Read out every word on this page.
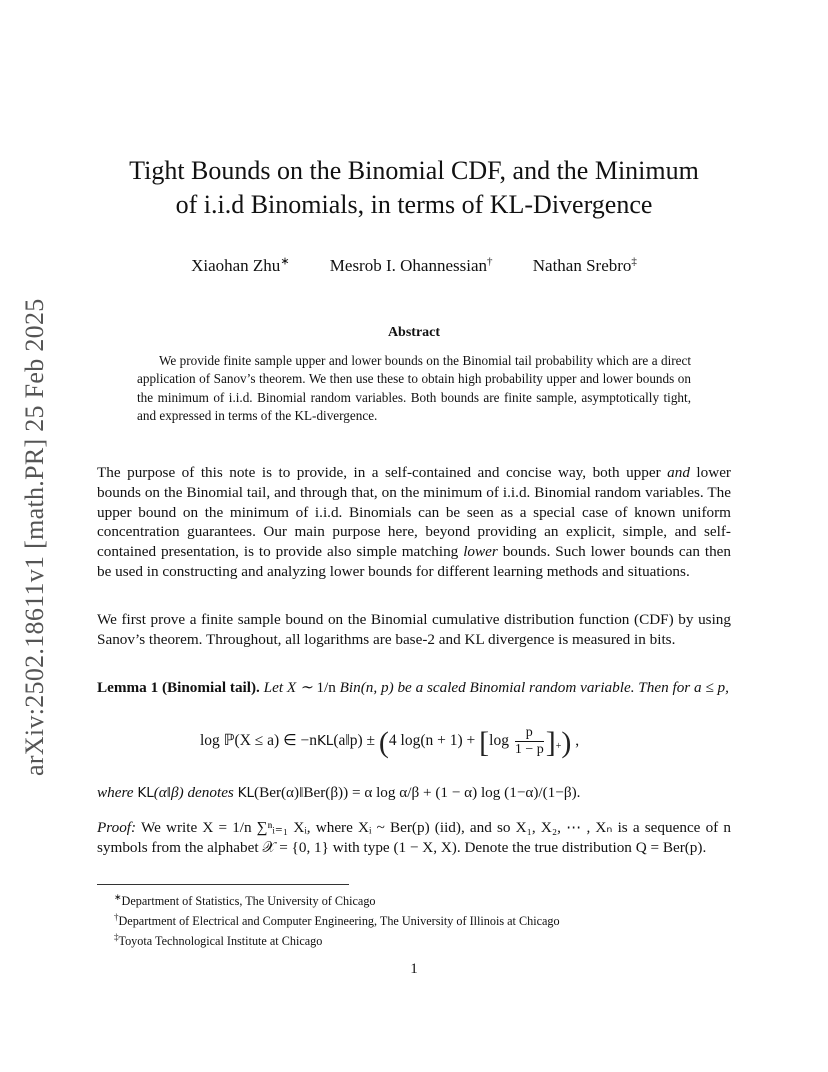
arXiv:2502.18611v1 [math.PR] 25 Feb 2025
Tight Bounds on the Binomial CDF, and the Minimum
of i.i.d Binomials, in terms of KL-Divergence
Xiaohan Zhu∗ Mesrob I. Ohannessian† Nathan Srebro‡
Abstract
We provide finite sample upper and lower bounds on the Binomial tail probability which are a direct application of Sanov’s theorem. We then use these to obtain high probability upper and lower bounds on the minimum of i.i.d. Binomial random variables. Both bounds are finite sample, asymptotically tight, and expressed in terms of the KL-divergence.
The purpose of this note is to provide, in a self-contained and concise way, both upper and lower bounds on the Binomial tail, and through that, on the minimum of i.i.d. Binomial random variables. The upper bound on the minimum of i.i.d. Binomials can be seen as a special case of known uniform concentration guarantees. Our main purpose here, beyond providing an explicit, simple, and self-contained presentation, is to provide also simple matching lower bounds. Such lower bounds can then be used in constructing and analyzing lower bounds for different learning methods and situations.
We first prove a finite sample bound on the Binomial cumulative distribution function (CDF) by using Sanov’s theorem. Throughout, all logarithms are base-2 and KL divergence is measured in bits.
Lemma 1 (Binomial tail). Let X ∼ 1/n Bin(n, p) be a scaled Binomial random variable. Then for a ≤ p,
log ℙ(X ≤ a) ∈ −nKL(a‖p) ± (4 $\log(n + 1) + [\log \frac{p}{1 - p} ]_+$) ,
where KL(α‖β) denotes KL(Ber(α)‖Ber(β)) = α log α/β + (1 − α) log (1−α)/(1−β).
Proof: We write X = 1/n ∑ⁿᵢ₌₁ Xᵢ, where Xᵢ ~ Ber(p) (iid), and so X₁, X₂, ⋯ , Xₙ is a sequence of n symbols from the alphabet 𝒳 = {0, 1} with type (1 − X, X). Denote the true distribution Q = Ber(p).
∗Department of Statistics, The University of Chicago
†Department of Electrical and Computer Engineering, The University of Illinois at Chicago
‡Toyota Technological Institute at Chicago
1
